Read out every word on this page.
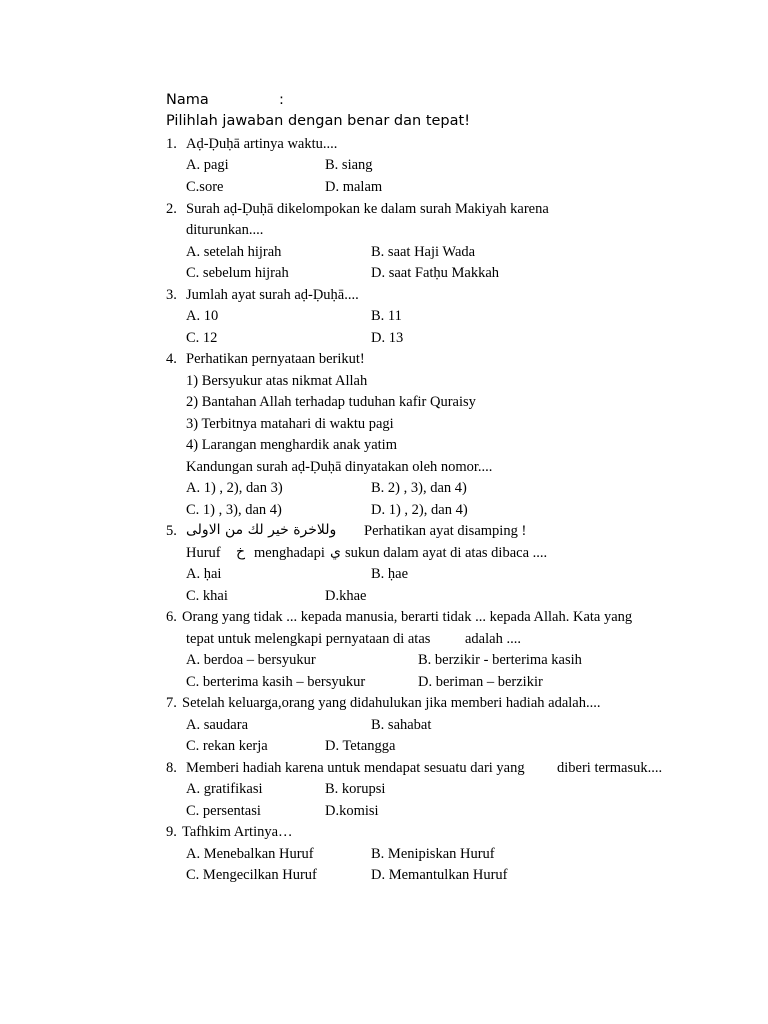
Nama	:
Pilihlah jawaban dengan benar dan tepat!
1. Aḍ-Ḍuḥā artinya waktu....
A. pagi	B. siang
C.sore	D. malam
2. Surah aḍ-Ḍuḥā dikelompokan ke dalam surah Makiyah karena
diturunkan....
A. setelah hijrah	B. saat Haji Wada
C. sebelum hijrah	D. saat Fatḥu Makkah
3. Jumlah ayat surah aḍ-Ḍuḥā....
A. 10	B. 11
C. 12	D. 13
4. Perhatikan pernyataan berikut!
1) Bersyukur atas nikmat Allah
2) Bantahan Allah terhadap tuduhan kafir Quraisy
3) Terbitnya matahari di waktu pagi
4) Larangan menghardik anak yatim
Kandungan surah aḍ-Ḍuḥā dinyatakan oleh nomor....
A. 1) , 2), dan 3)	B. 2) , 3), dan 4)
C. 1) , 3), dan 4)	D. 1) , 2), dan 4)
5. وللاخرة خير لك من الاولى Perhatikan ayat disamping !
Huruf خ menghadapi ي sukun dalam ayat di atas dibaca ....
A. ḥai	B. ḥae
C. khai	D.khae
6. Orang yang tidak ... kepada manusia, berarti tidak ... kepada Allah. Kata yang
tepat untuk melengkapi pernyataan di atas adalah ....
A. berdoa – bersyukur	B. berzikir - berterima kasih
C. berterima kasih – bersyukur	D. beriman – berzikir
7. Setelah keluarga,orang yang didahulukan jika memberi hadiah adalah....
A. saudara	B. sahabat
C. rekan kerja	D. Tetangga
8. Memberi hadiah karena untuk mendapat sesuatu dari yang diberi termasuk....
A. gratifikasi	B. korupsi
C. persentasi	D.komisi
9. Tafhkim Artinya…
A. Menebalkan Huruf	B. Menipiskan Huruf
C. Mengecilkan Huruf	D. Memantulkan Huruf
